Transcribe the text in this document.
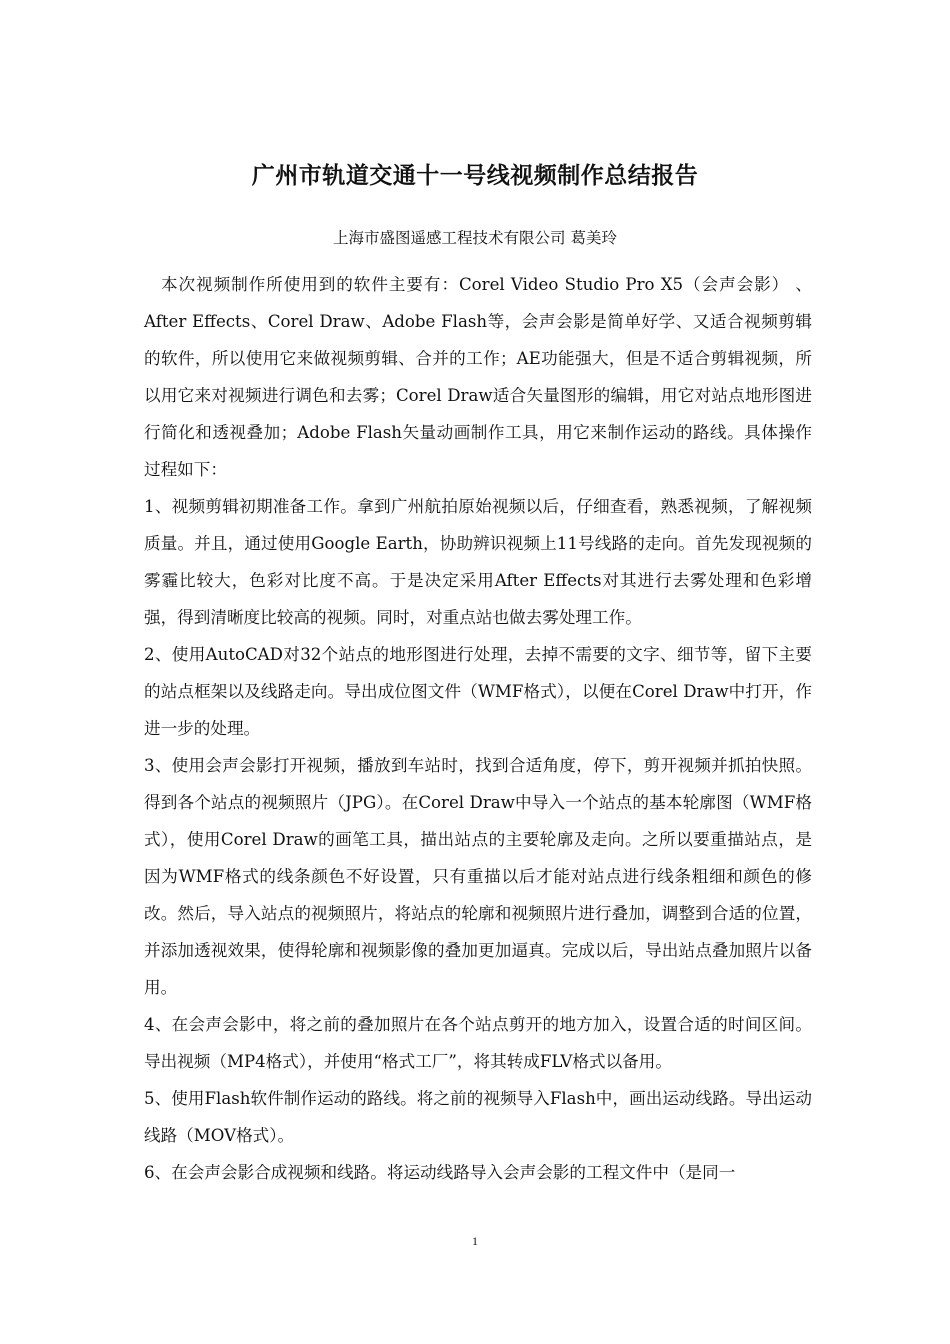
广州市轨道交通十一号线视频制作总结报告
上海市盛图遥感工程技术有限公司 葛美玲

本次视频制作所使用到的软件主要有：Corel Video Studio Pro X5（会声会影） 、After Effects、Corel Draw、Adobe Flash等，会声会影是简单好学、又适合视频剪辑的软件，所以使用它来做视频剪辑、合并的工作；AE功能强大，但是不适合剪辑视频，所以用它来对视频进行调色和去雾；Corel Draw适合矢量图形的编辑，用它对站点地形图进行简化和透视叠加；Adobe Flash矢量动画制作工具，用它来制作运动的路线。具体操作过程如下：

1、视频剪辑初期准备工作。拿到广州航拍原始视频以后，仔细查看，熟悉视频，了解视频质量。并且，通过使用Google Earth，协助辨识视频上11号线路的走向。首先发现视频的雾霾比较大，色彩对比度不高。于是决定采用After Effects对其进行去雾处理和色彩增强，得到清晰度比较高的视频。同时，对重点站也做去雾处理工作。

2、使用AutoCAD对32个站点的地形图进行处理，去掉不需要的文字、细节等，留下主要的站点框架以及线路走向。导出成位图文件（WMF格式），以便在Corel Draw中打开，作进一步的处理。

3、使用会声会影打开视频，播放到车站时，找到合适角度，停下，剪开视频并抓拍快照。得到各个站点的视频照片（JPG）。在Corel Draw中导入一个站点的基本轮廓图（WMF格式），使用Corel Draw的画笔工具，描出站点的主要轮廓及走向。之所以要重描站点，是因为WMF格式的线条颜色不好设置，只有重描以后才能对站点进行线条粗细和颜色的修改。然后，导入站点的视频照片，将站点的轮廓和视频照片进行叠加，调整到合适的位置，并添加透视效果，使得轮廓和视频影像的叠加更加逼真。完成以后，导出站点叠加照片以备用。

4、在会声会影中，将之前的叠加照片在各个站点剪开的地方加入，设置合适的时间区间。导出视频（MP4格式），并使用“格式工厂”，将其转成FLV格式以备用。

5、使用Flash软件制作运动的路线。将之前的视频导入Flash中，画出运动线路。导出运动线路（MOV格式）。

6、在会声会影合成视频和线路。将运动线路导入会声会影的工程文件中（是同一

1
